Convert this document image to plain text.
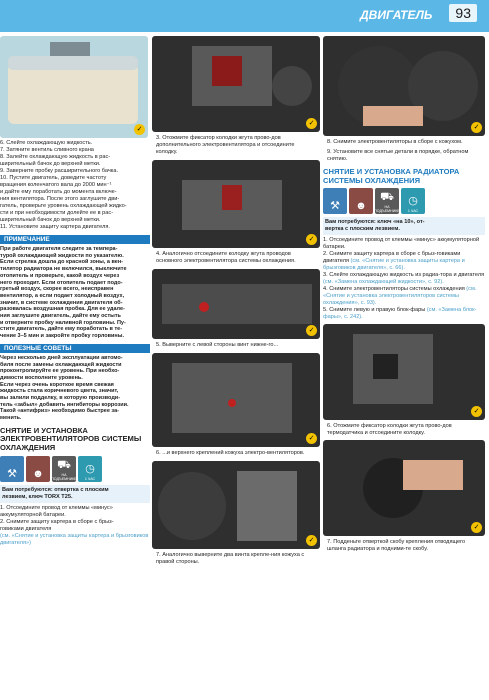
ДВИГАТЕЛЬ	93
✓

6. Слейте охлаждающую жидкость.

7. Затяните вентиль сливного крана

8. Залейте охлаждающую жидкость в рас-

ширительный бачок до верхней метки.

9. Заверните пробку расширительного бачка.

10. Пустите двигатель, доведите частоту

вращения коленчатого вала до 2000 мин⁻¹

и дайте ему поработать до момента включе-

ния вентилятора. После этого заглушите дви-

гатель, проверьте уровень охлаждающей жидко-

сти и при необходимости долейте ее в рас-

ширительный бачок до верхней метки.

11. Установите защиту картера двигателя.

ПРИМЕЧАНИЕ

При работе двигателя следите за темпера-

турой охлаждающей жидкости по указателю.

Если стрелка дошла до красной зоны, а вен-

тилятор радиатора не включился, выключите

отопитель и проверьте, какой воздух через

него проходит. Если отопитель подает подо-

гретый воздух, скорее всего, неисправен

вентилятор, а если подает холодный воздух,

значит, в системе охлаждения двигателя об-

разовалась воздушная пробка. Для ее удале-

ния заглушите двигатель, дайте ему остыть

и отверните пробку наливной горловины. Пу-

стите двигатель, дайте ему поработать в те-

чение 3–5 мин и закройте пробку горловины.

ПОЛЕЗНЫЕ СОВЕТЫ

Через несколько дней эксплуатации автомо-

биля после замены охлаждающей жидкости

проконтролируйте ее уровень. При необхо-

димости восполните уровень.

Если через очень короткое время свежая

жидкость стала коричневого цвета, значит,

вы залили подделку, в которую производи-

тель «забыл» добавить ингибиторы коррозии.

Такой «антифриз» необходимо быстрее за-

менить.

СНЯТИЕ И УСТАНОВКА ЭЛЕКТРОВЕНТИЛЯТОРОВ СИСТЕМЫ ОХЛАЖДЕНИЯ
⚒ ☻
⛟
НА ПОДЪЕМНИКЕ
◷
1 ЧАС

Вам потребуются: отвертка с плоским

лезвием, ключ TORX T25.

1. Отсоедините провод от клеммы «минус»

аккумуляторной батареи.

2. Снимите защиту картера в сборе с брыз-

говиками двигателя

(см. «Снятие и установка защиты картера и брызговиков двигателя»)

✓
3. Отожмите фиксатор колодки жгута прово-дов дополнительного электровентилятора и отсоедините колодку.
✓
4. Аналогично отсоедините колодку жгута проводов основного электровентилятора системы охлаждения.
✓
5. Выверните с левой стороны винт нижне-го...
✓
6. ...и верхнего креплений кожуха электро-вентиляторов.
✓
7. Аналогично выверните два винта крепле-ния кожуха с правой стороны.
✓
8. Снимите электровентиляторы в сборе с кожухом.
9. Установите все снятые детали в порядке, обратном снятию.
СНЯТИЕ И УСТАНОВКА РАДИАТОРА СИСТЕМЫ ОХЛАЖДЕНИЯ
⚒ ☻
⛟
НА ПОДЪЕМНИКЕ
◷
1 ЧАС

Вам потребуются: ключ «на 10», от-

вертка с плоским лезвием.

1. Отсоедините провод от клеммы «минус» аккумуляторной батареи.

2. Снимите защиту картера в сборе с брыз-говиками двигателя (см. «Снятие и установка защиты картера и брызговиков двигателя», с. 66).

3. Слейте охлаждающую жидкость из радиа-тора и двигателя (см. «Замена охлаждающей жидкости», с. 92).

4. Снимите электровентиляторы системы охлаждения (см. «Снятие и установка электровентиляторов системы охлаждения», с. 93).

5. Снимите левую и правую блок-фары (см. «Замена блок-фары», с. 242).

✓
6. Отожмите фиксатор колодки жгута прово-дов термодатчика и отсоедините колодку.
✓
7. Подденьте отверткой скобу крепления отводящего шланга радиатора и подними-те скобу.
